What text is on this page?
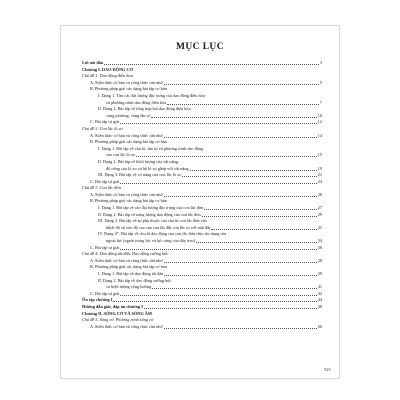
MỤC LỤC
Lời nói đầu	3
Chương I. DAO ĐỘNG CƠ
Chủ đề 1. Dao động điều hòa
A. Kiến thức cơ bản và công thức cần nhớ	5
B. Phương pháp giải các dạng bài tập cơ bản
I. Dạng 1. Tìm các đại lượng đặc trưng của dao động điều hòa
và phương trình dao động điều hòa	7
II. Dạng 2. Bài tập về tổng hợp hai dao động điều hòa
cùng phương, cùng tần số	10
C. Bài tập tự giải	12
Chủ đề 2. Con lắc lò xo
A. Kiến thức cơ bản và công thức cần nhớ	14
B. Phương pháp giải các dạng bài tập cơ bản
I. Dạng 1. Bài tập về chu kì, tần số và phương trình dao động
của con lắc lò xo	15
II. Dạng 2. Bài tập về khối lượng của vật nặng,
độ cứng của lò xo và hệ lò xo ghép với vật nặng	19
III. Dạng 3. Bài tập về cơ năng của con lắc lò xo	21
C. Bài tập tự giải	24
Chủ đề 3. Con lắc đơn
A. Kiến thức cơ bản và công thức cần nhớ	26
B. Phương pháp giải các dạng bài tập cơ bản
I. Dạng 1. Bài tập về các đại lượng đặc trưng của con lắc đơn	27
II. Dạng 2. Bài tập về năng lượng dao động của con lắc đơn	29
III. Dạng 3. Bài tập về sự phụ thuộc của chu kì con lắc đơn vào
nhiệt độ và vào độ cao của con lắc đặt con lắc so với mặt đất	31
IV. Dạng 4*. Bài tập về chu kì dao động của con lắc đơn chịu tác dụng của
ngoại lực (ngoài trọng lực và lực căng của dây treo)	34
C. Bài tập tự giải	36
Chủ đề 4. Dao động tắt dần. Dao động cưỡng bức
A. Kiến thức cơ bản và công thức cần nhớ	38
B. Phương pháp giải các dạng bài tập cơ bản
I. Dạng 1. Bài tập về dao động tắt dần	39
II. Dạng 2. Bài tập về dao động cưỡng bức
và hiện tượng cộng hưởng	41
C. Bài tập tự giải	42
Ôn tập chương I	44
Hướng dẫn giải, đáp án chương I	48
Chương II. SÓNG CƠ VÀ SÓNG ÂM
Chủ đề 5. Sóng cơ. Phương trình sóng cơ
A. Kiến thức cơ bản và công thức cần nhớ	66
521
